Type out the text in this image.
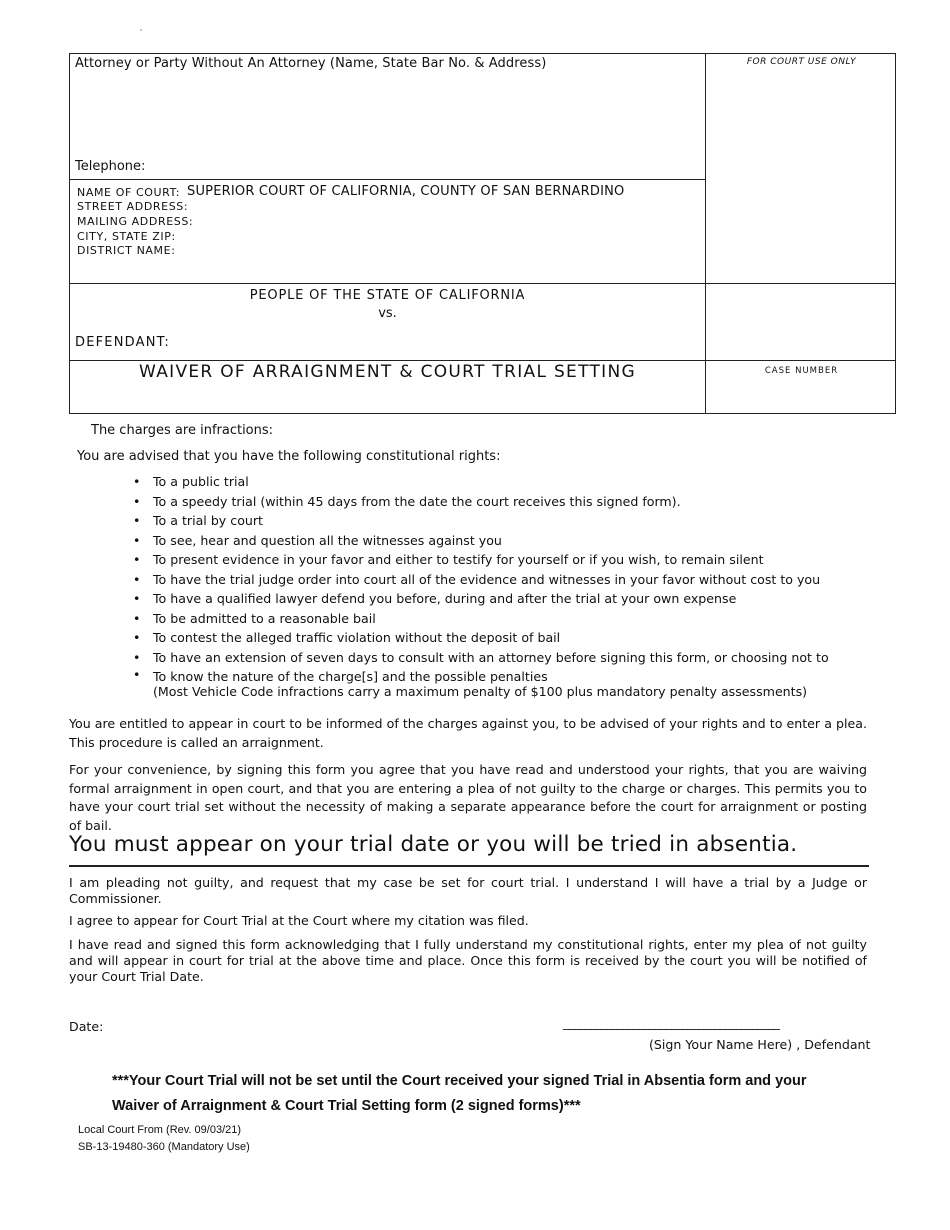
'
Attorney or Party Without An Attorney (Name, State Bar No. & Address)
Telephone:
FOR COURT USE ONLY
NAME OF COURT: SUPERIOR COURT OF CALIFORNIA, COUNTY OF SAN BERNARDINO
STREET ADDRESS:
MAILING ADDRESS:
CITY, STATE ZIP:
DISTRICT NAME:
PEOPLE OF THE STATE OF CALIFORNIA
vs.
DEFENDANT:
WAIVER OF ARRAIGNMENT & COURT TRIAL SETTING	CASE NUMBER
The charges are infractions:
You are advised that you have the following constitutional rights:
• To a public trial
• To a speedy trial (within 45 days from the date the court receives this signed form).
• To a trial by court
• To see, hear and question all the witnesses against you
• To present evidence in your favor and either to testify for yourself or if you wish, to remain silent
• To have the trial judge order into court all of the evidence and witnesses in your favor without cost to you
• To have a qualified lawyer defend you before, during and after the trial at your own expense
• To be admitted to a reasonable bail
• To contest the alleged traffic violation without the deposit of bail
• To have an extension of seven days to consult with an attorney before signing this form, or choosing not to
• To know the nature of the charge[s] and the possible penalties
(Most Vehicle Code infractions carry a maximum penalty of $100 plus mandatory penalty assessments)
You are entitled to appear in court to be informed of the charges against you, to be advised of your rights and to enter a plea. This procedure is called an arraignment.
For your convenience, by signing this form you agree that you have read and understood your rights, that you are waiving formal arraignment in open court, and that you are entering a plea of not guilty to the charge or charges. This permits you to have your court trial set without the necessity of making a separate appearance before the court for arraignment or posting of bail.
You must appear on your trial date or you will be tried in absentia.
I am pleading not guilty, and request that my case be set for court trial. I understand I will have a trial by a Judge or Commissioner.
I agree to appear for Court Trial at the Court where my citation was filed.
I have read and signed this form acknowledging that I fully understand my constitutional rights, enter my plea of not guilty and will appear in court for trial at the above time and place. Once this form is received by the court you will be notified of your Court Trial Date.
Date:	________________________________________
(Sign Your Name Here) , Defendant
***Your Court Trial will not be set until the Court received your signed Trial in Absentia form and your Waiver of Arraignment & Court Trial Setting form (2 signed forms)***
Local Court From (Rev. 09/03/21)
SB-13-19480-360 (Mandatory Use)
